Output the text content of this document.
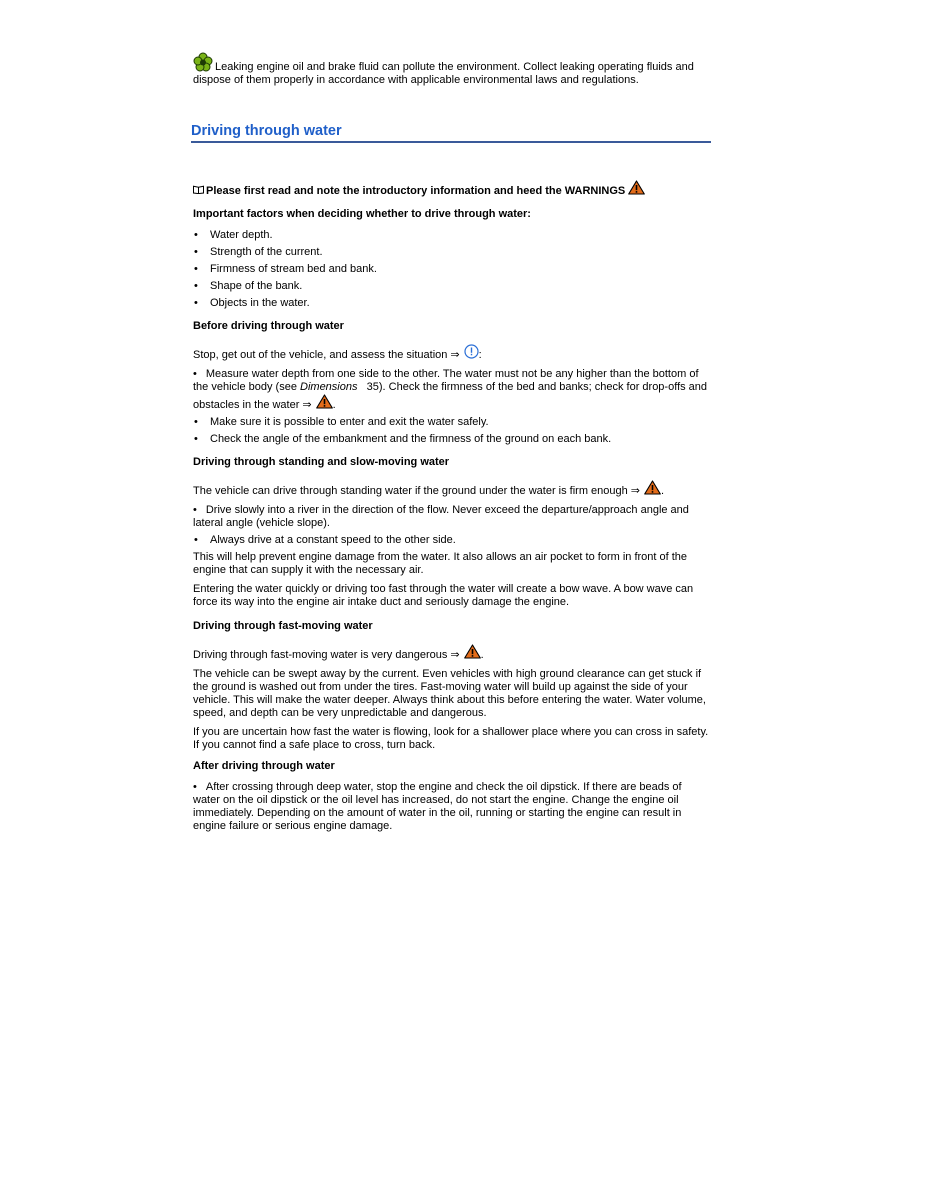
Leaking engine oil and brake fluid can pollute the environment. Collect leaking operating fluids and dispose of them properly in accordance with applicable environmental laws and regulations.

Driving through water

Please first read and note the introductory information and heed the WARNINGS

Important factors when deciding whether to drive through water:

• Water depth.
• Strength of the current.
• Firmness of stream bed and bank.
• Shape of the bank.
• Objects in the water.

Before driving through water

Stop, get out of the vehicle, and assess the situation ⇒ :

• Measure water depth from one side to the other. The water must not be any higher than the bottom of the vehicle body (see Dimensions 35). Check the firmness of the bed and banks; check for drop-offs and obstacles in the water ⇒ .
• Make sure it is possible to enter and exit the water safely.
• Check the angle of the embankment and the firmness of the ground on each bank.

Driving through standing and slow-moving water

The vehicle can drive through standing water if the ground under the water is firm enough ⇒ .

• Drive slowly into a river in the direction of the flow. Never exceed the departure/approach angle and lateral angle (vehicle slope).
• Always drive at a constant speed to the other side.

This will help prevent engine damage from the water. It also allows an air pocket to form in front of the engine that can supply it with the necessary air.

Entering the water quickly or driving too fast through the water will create a bow wave. A bow wave can force its way into the engine air intake duct and seriously damage the engine.

Driving through fast-moving water

Driving through fast-moving water is very dangerous ⇒ .

The vehicle can be swept away by the current. Even vehicles with high ground clearance can get stuck if the ground is washed out from under the tires. Fast-moving water will build up against the side of your vehicle. This will make the water deeper. Always think about this before entering the water. Water volume, speed, and depth can be very unpredictable and dangerous.

If you are uncertain how fast the water is flowing, look for a shallower place where you can cross in safety. If you cannot find a safe place to cross, turn back.

After driving through water

• After crossing through deep water, stop the engine and check the oil dipstick. If there are beads of water on the oil dipstick or the oil level has increased, do not start the engine. Change the engine oil immediately. Depending on the amount of water in the oil, running or starting the engine can result in engine failure or serious engine damage.
